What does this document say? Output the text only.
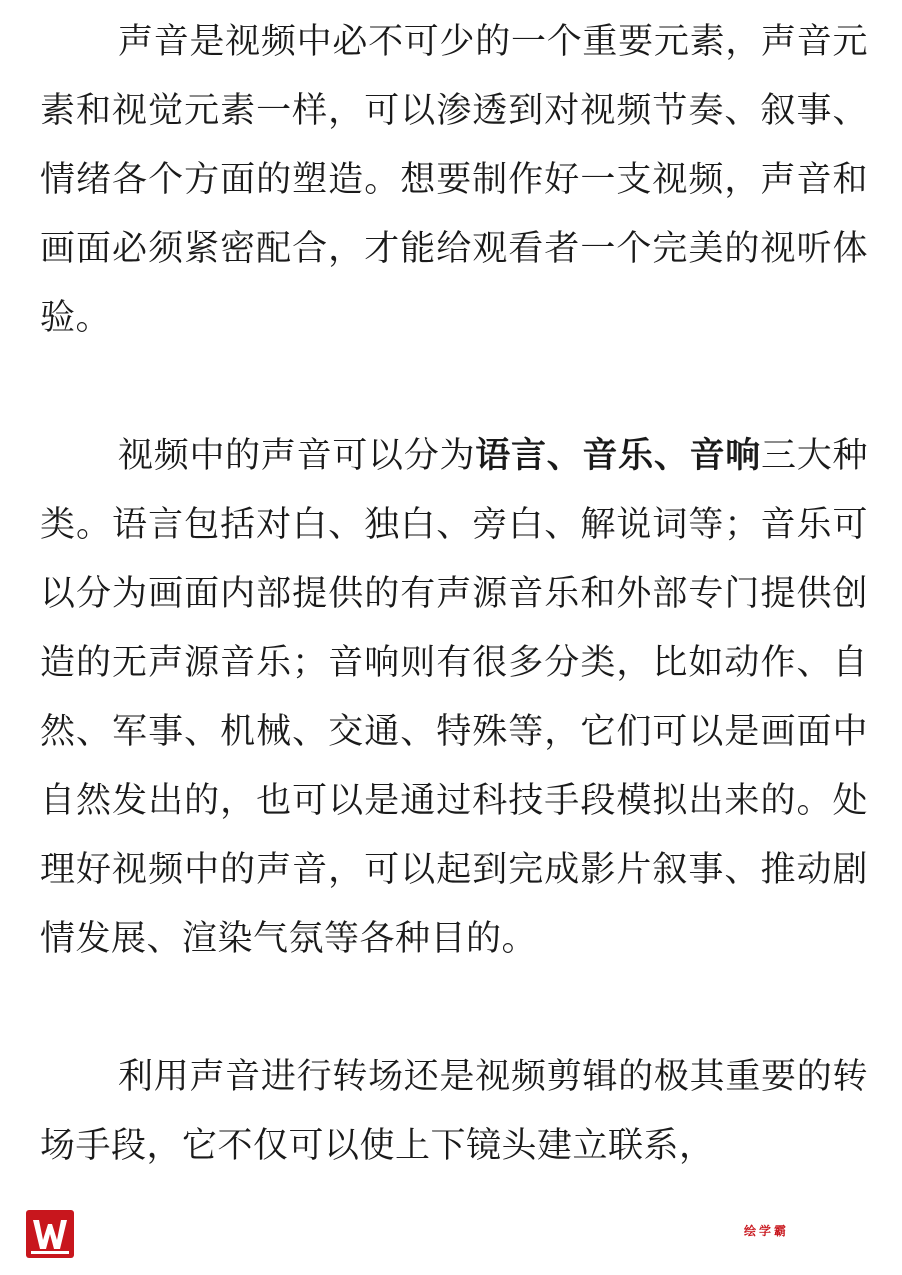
声音是视频中必不可少的一个重要元素，声音元素和视觉元素一样，可以渗透到对视频节奏、叙事、情绪各个方面的塑造。想要制作好一支视频，声音和画面必须紧密配合，才能给观看者一个完美的视听体验。

视频中的声音可以分为语言、音乐、音响三大种类。语言包括对白、独白、旁白、解说词等；音乐可以分为画面内部提供的有声源音乐和外部专门提供创造的无声源音乐；音响则有很多分类，比如动作、自然、军事、机械、交通、特殊等，它们可以是画面中自然发出的，也可以是通过科技手段模拟出来的。处理好视频中的声音，可以起到完成影片叙事、推动剧情发展、渲染气氛等各种目的。

利用声音进行转场还是视频剪辑的极其重要的转场手段，它不仅可以使上下镜头建立联系，

绘学霸
